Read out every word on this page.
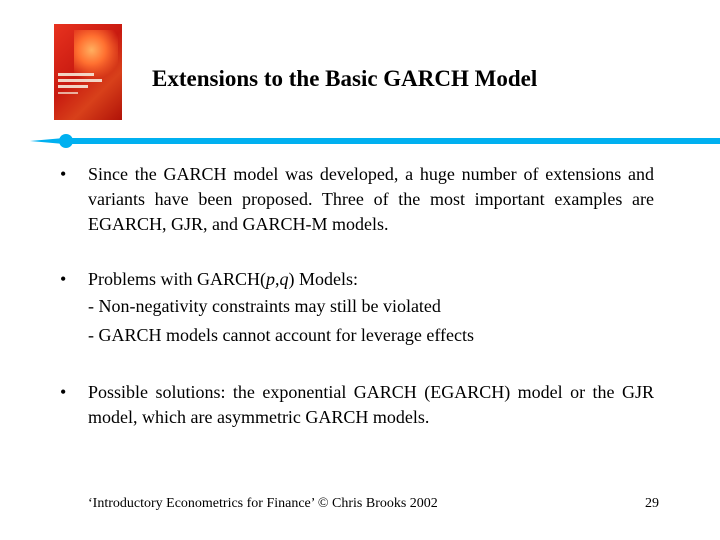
Extensions to the Basic GARCH Model
• Since the GARCH model was developed, a huge number of extensions and variants have been proposed. Three of the most important examples are EGARCH, GJR, and GARCH-M models.
• Problems with GARCH(p,q) Models:
- Non-negativity constraints may still be violated
- GARCH models cannot account for leverage effects
• Possible solutions: the exponential GARCH (EGARCH) model or the GJR model, which are asymmetric GARCH models.
‘Introductory Econometrics for Finance’ © Chris Brooks 2002	29
